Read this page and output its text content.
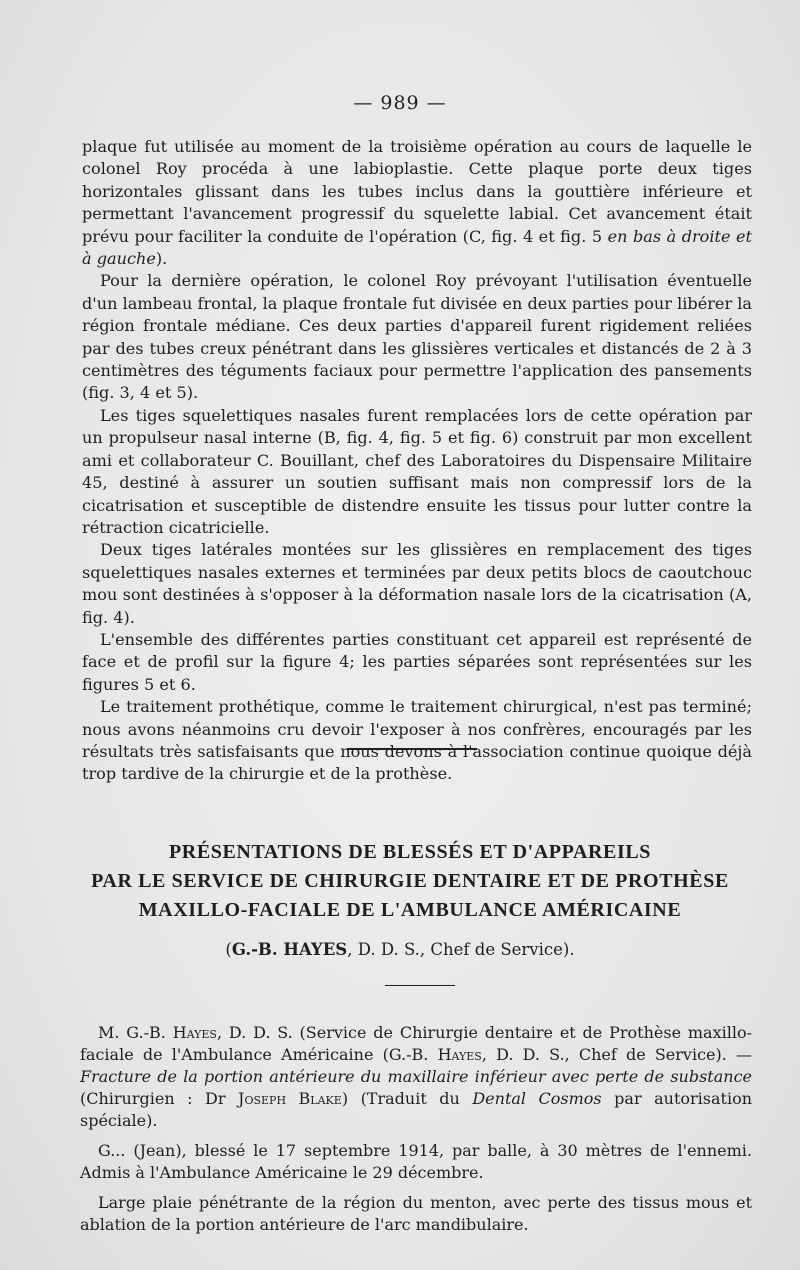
— 989 —

plaque fut utilisée au moment de la troisième opération au cours de laquelle le colonel Roy procéda à une labioplastie. Cette plaque porte deux tiges horizontales glissant dans les tubes inclus dans la gouttière inférieure et permettant l'avancement progressif du squelette labial. Cet avancement était prévu pour faciliter la conduite de l'opération (C, fig. 4 et fig. 5 en bas à droite et à gauche).

Pour la dernière opération, le colonel Roy prévoyant l'utilisation éventuelle d'un lambeau frontal, la plaque frontale fut divisée en deux parties pour libérer la région frontale médiane. Ces deux parties d'appareil furent rigidement reliées par des tubes creux pénétrant dans les glissières verticales et distancés de 2 à 3 centimètres des téguments faciaux pour permettre l'application des pansements (fig. 3, 4 et 5).

Les tiges squelettiques nasales furent remplacées lors de cette opération par un propulseur nasal interne (B, fig. 4, fig. 5 et fig. 6) construit par mon excellent ami et collaborateur C. Bouillant, chef des Laboratoires du Dispensaire Militaire 45, destiné à assurer un soutien suffisant mais non compressif lors de la cicatrisation et susceptible de distendre ensuite les tissus pour lutter contre la rétraction cicatricielle.

Deux tiges latérales montées sur les glissières en remplacement des tiges squelettiques nasales externes et terminées par deux petits blocs de caoutchouc mou sont destinées à s'opposer à la déformation nasale lors de la cicatrisation (A, fig. 4).

L'ensemble des différentes parties constituant cet appareil est représenté de face et de profil sur la figure 4; les parties séparées sont représentées sur les figures 5 et 6.

Le traitement prothétique, comme le traitement chirurgical, n'est pas terminé; nous avons néanmoins cru devoir l'exposer à nos confrères, encouragés par les résultats très satisfaisants que nous devons à l'association continue quoique déjà trop tardive de la chirurgie et de la prothèse.

PRÉSENTATIONS DE BLESSÉS ET D'APPAREILS
PAR LE SERVICE DE CHIRURGIE DENTAIRE ET DE PROTHÈSE
MAXILLO-FACIALE DE L'AMBULANCE AMÉRICAINE
(G.-B. HAYES, D. D. S., Chef de Service).

M. G.-B. Hayes, D. D. S. (Service de Chirurgie dentaire et de Prothèse maxillo-faciale de l'Ambulance Américaine (G.-B. Hayes, D. D. S., Chef de Service). — Fracture de la portion antérieure du maxillaire inférieur avec perte de substance (Chirurgien : Dr Joseph Blake) (Traduit du Dental Cosmos par autorisation spéciale).

G... (Jean), blessé le 17 septembre 1914, par balle, à 30 mètres de l'ennemi. Admis à l'Ambulance Américaine le 29 décembre.

Large plaie pénétrante de la région du menton, avec perte des tissus mous et ablation de la portion antérieure de l'arc mandibulaire.
